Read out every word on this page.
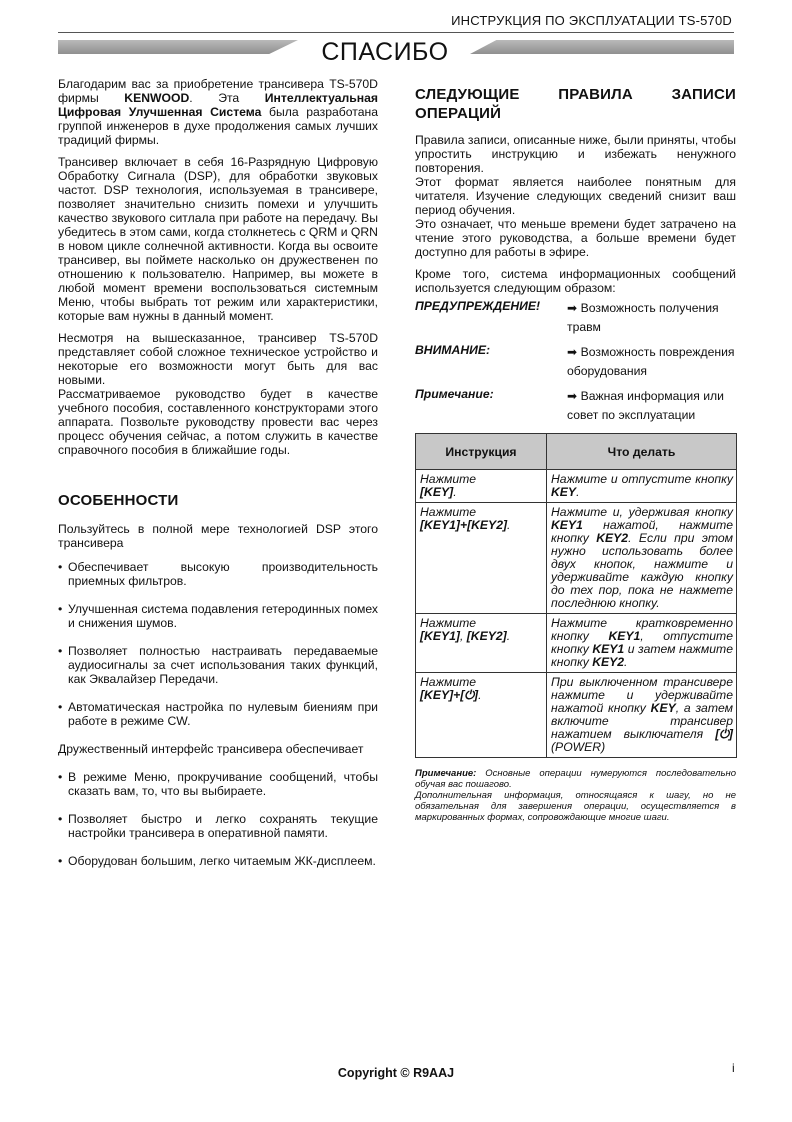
ИНСТРУКЦИЯ ПО ЭКСПЛУАТАЦИИ TS-570D
СПАСИБО

Благодарим вас за приобретение трансивера TS-570D фирмы KENWOOD. Эта Интеллектуальная Цифровая Улучшенная Система была разработана группой инженеров в духе продолжения самых лучших традиций фирмы.

Трансивер включает в себя 16-Разрядную Цифровую Обработку Сигнала (DSP), для обработки звуковых частот. DSP технология, используемая в трансивере, позволяет значительно снизить помехи и улучшить качество звукового ситлала при работе на передачу. Вы убедитесь в этом сами, когда столкнетесь с QRM и QRN в новом цикле солнечной активности. Когда вы освоите трансивер, вы поймете насколько он дружественен по отношению к пользователю. Например, вы можете в любой момент времени воспользоваться системным Меню, чтобы выбрать тот режим или характеристики, которые вам нужны в данный момент.

Несмотря на вышесказанное, трансивер TS-570D представляет собой сложное техническое устройство и некоторые его возможности могут быть для вас новыми.

Рассматриваемое руководство будет в качестве учебного пособия, составленного конструкторами этого аппарата. Позвольте руководству провести вас через процесс обучения сейчас, а потом служить в качестве справочного пособия в ближайшие годы.

ОСОБЕННОСТИ

Пользуйтесь в полной мере технологией DSP этого трансивера

• Обеспечивает высокую производительность приемных фильтров.
• Улучшенная система подавления гетеродинных помех и снижения шумов.
• Позволяет полностью настраивать передаваемые аудиосигналы за счет использования таких функций, как Эквалайзер Передачи.
• Автоматическая настройка по нулевым биениям при работе в режиме CW.

Дружественный интерфейс трансивера обеспечивает

• В режиме Меню, прокручивание сообщений, чтобы сказать вам, то, что вы выбираете.
• Позволяет быстро и легко сохранять текущие настройки трансивера в оперативной памяти.
• Оборудован большим, легко читаемым ЖК-дисплеем.
СЛЕДУЮЩИЕ ПРАВИЛА ЗАПИСИ
ОПЕРАЦИЙ

Правила записи, описанные ниже, были приняты, чтобы упростить инструкцию и избежать ненужного повторения.

Этот формат является наиболее понятным для читателя. Изучение следующих сведений снизит ваш период обучения.

Это означает, что меньше времени будет затрачено на чтение этого руководства, а больше времени будет доступно для работы в эфире.

Кроме того, система информационных сообщений используется следующим образом:

ПРЕДУПРЕЖДЕНИЕ!	➡ Возможность получения травм
ВНИМАНИЕ:	➡ Возможность повреждения оборудования
Примечание:	➡ Важная информация или совет по эксплуатации
Инструкция	Что делать
Нажмите
[KEY].	Нажмите и отпустите кнопку KEY.
Нажмите
[KEY1]+[KEY2].	Нажмите и, удерживая кнопку KEY1 нажатой, нажмите кнопку KEY2. Если при этом нужно использовать более двух кнопок, нажмите и удерживайте каждую кнопку до тех пор, пока не нажмете последнюю кнопку.
Нажмите
[KEY1], [KEY2].	Нажмите кратковременно кнопку KEY1, отпустите кнопку KEY1 и затем нажмите кнопку KEY2.
Нажмите
[KEY]+[⏻].	При выключенном трансивере нажмите и удерживайте нажатой кнопку KEY, а затем включите трансивер нажатием выключателя [⏻](POWER)
Примечание: Основные операции нумеруются последовательно обучая вас пошагово.
Дополнительная информация, относящаяся к шагу, но не обязательная для завершения операции, осуществляется в маркированных формах, сопровождающие многие шаги.
Copyright © R9AAJ	i
